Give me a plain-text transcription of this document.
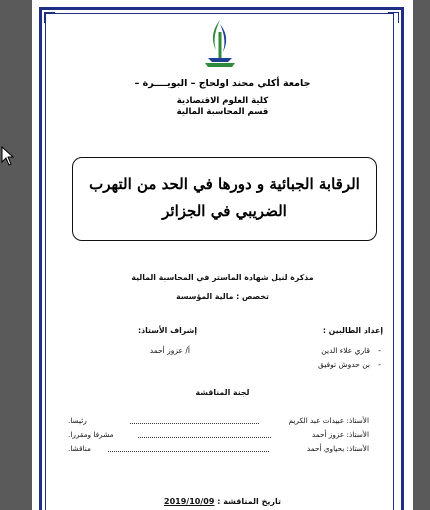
جامعة أكلي محند اولحاج – البويــــرة –
كلية العلوم الاقتصادية
قسم المحاسبة المالية
الرقابة الجبائية و دورها في الحد من التهرب
الضريبي في الجزائر
مذكرة لنيل شهادة الماستر في المحاسبة المالية
تخصص : مالية المؤسسة
إعداد الطالبين :
إشراف الأستاذ:
-
قاري علاء الدين
-
بن حدوش توفيق
أ/ عزوز أحمد
لجنة المناقشة
الأستاذ: عبيدات عبد الكريم
رئيسا.
الأستاذ: عزوز أحمد
مشرفا ومقررا.
الأستاذ: بحياوي أحمد
مناقشا.
تاريخ المناقشة : 2019/10/09
